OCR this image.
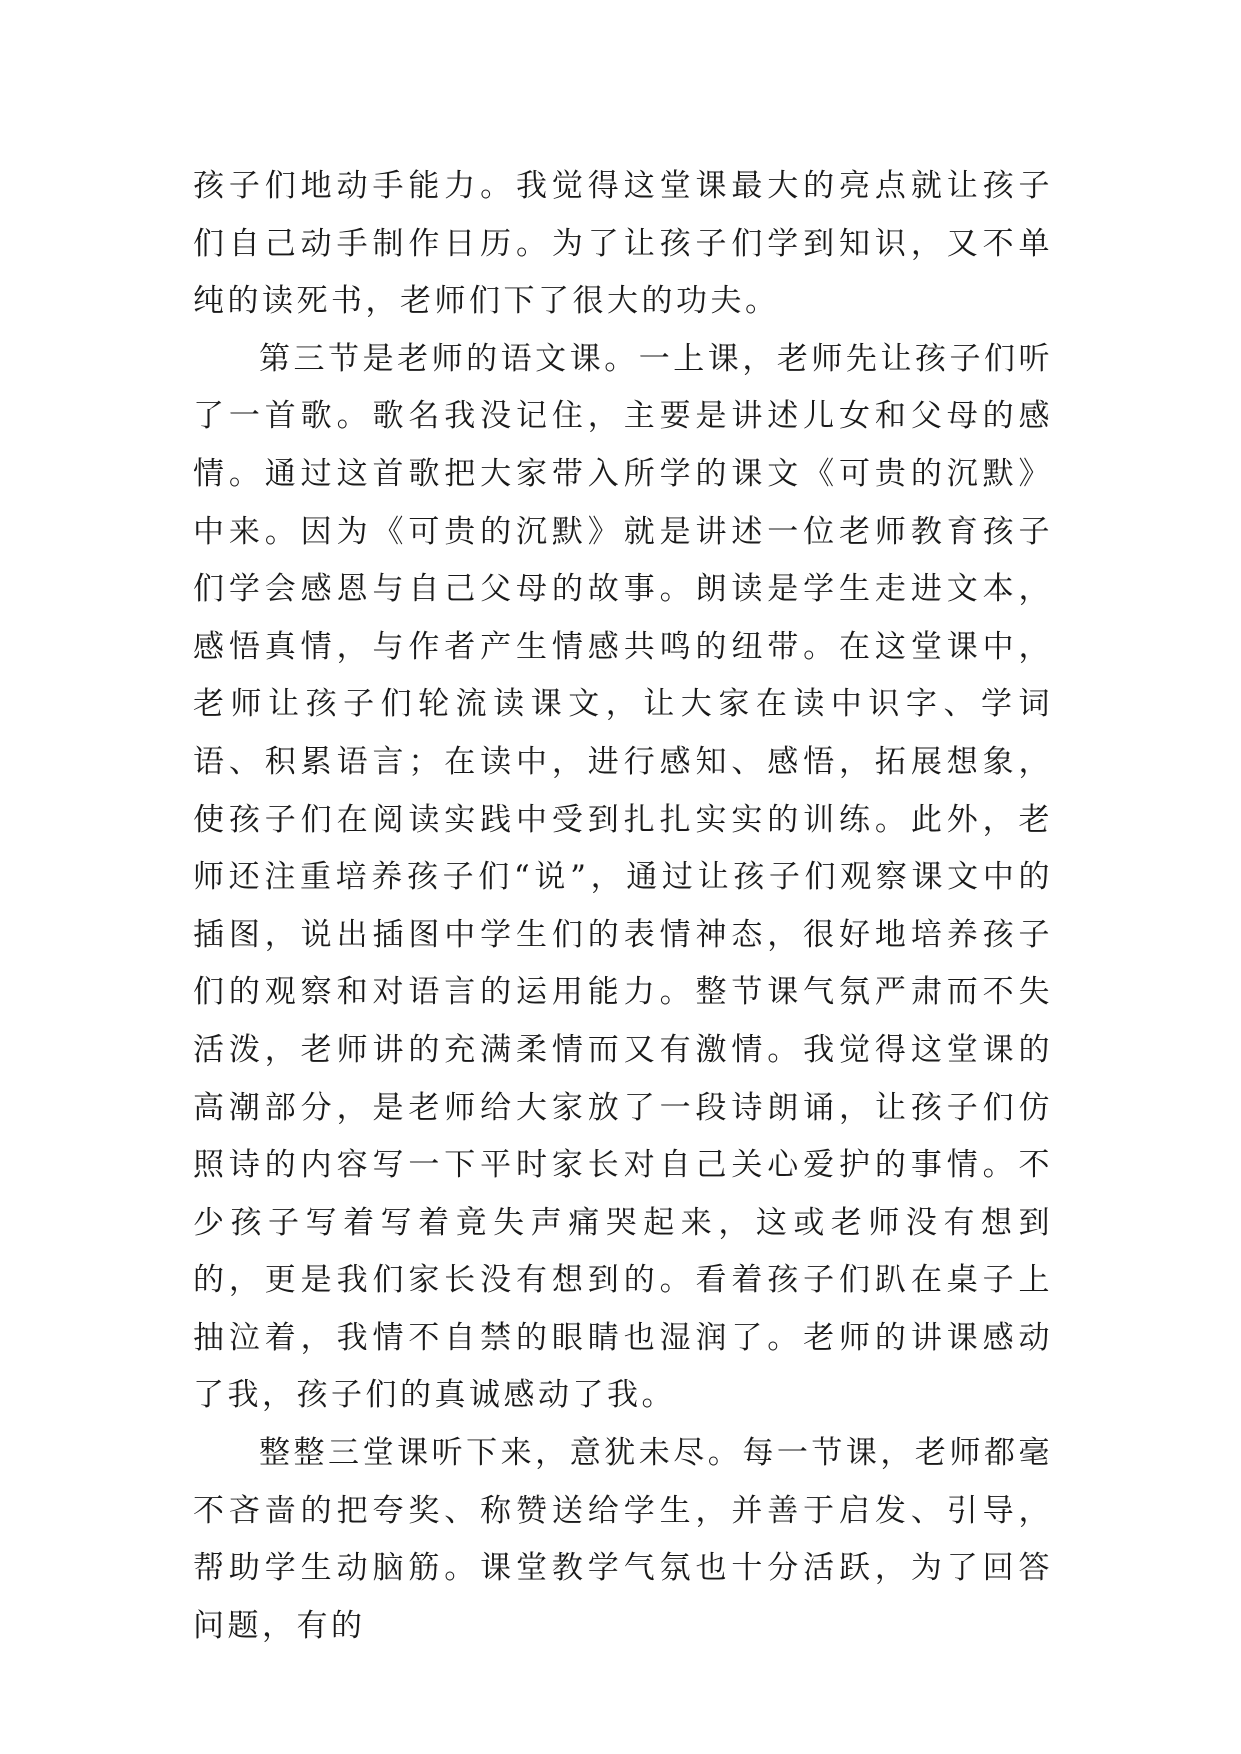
孩子们地动手能力。我觉得这堂课最大的亮点就让孩子们自己动手制作日历。为了让孩子们学到知识，又不单纯的读死书，老师们下了很大的功夫。

第三节是老师的语文课。一上课，老师先让孩子们听了一首歌。歌名我没记住，主要是讲述儿女和父母的感情。通过这首歌把大家带入所学的课文《可贵的沉默》中来。因为《可贵的沉默》就是讲述一位老师教育孩子们学会感恩与自己父母的故事。朗读是学生走进文本，感悟真情，与作者产生情感共鸣的纽带。在这堂课中，老师让孩子们轮流读课文，让大家在读中识字、学词语、积累语言；在读中，进行感知、感悟，拓展想象，使孩子们在阅读实践中受到扎扎实实的训练。此外，老师还注重培养孩子们“说”，通过让孩子们观察课文中的插图，说出插图中学生们的表情神态，很好地培养孩子们的观察和对语言的运用能力。整节课气氛严肃而不失活泼，老师讲的充满柔情而又有激情。我觉得这堂课的高潮部分，是老师给大家放了一段诗朗诵，让孩子们仿照诗的内容写一下平时家长对自己关心爱护的事情。不少孩子写着写着竟失声痛哭起来，这或老师没有想到的，更是我们家长没有想到的。看着孩子们趴在桌子上抽泣着，我情不自禁的眼睛也湿润了。老师的讲课感动了我，孩子们的真诚感动了我。

整整三堂课听下来，意犹未尽。每一节课，老师都毫不吝啬的把夸奖、称赞送给学生，并善于启发、引导，帮助学生动脑筋。课堂教学气氛也十分活跃，为了回答问题，有的
